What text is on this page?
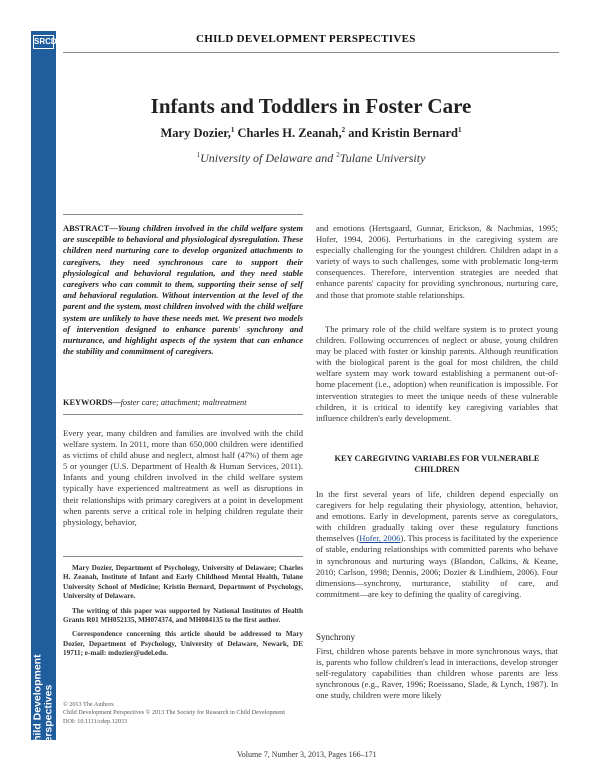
SRCD
Child Development Perspectives
CHILD DEVELOPMENT PERSPECTIVES
Infants and Toddlers in Foster Care
Mary Dozier,$^1$ Charles H. Zeanah,$^2$ and Kristin Bernard$^1$
$^1$University of Delaware and $^2$Tulane University
ABSTRACT—Young children involved in the child welfare system are susceptible to behavioral and physiological dysregulation. These children need nurturing care to develop organized attachments to caregivers, they need synchronous care to support their physiological and behavioral regulation, and they need stable caregivers who can commit to them, supporting their sense of self and behavioral regulation. Without intervention at the level of the parent and the system, most children involved with the child welfare system are unlikely to have these needs met. We present two models of intervention designed to enhance parents' synchrony and nurturance, and highlight aspects of the system that can enhance the stability and commitment of caregivers.
KEYWORDS—foster care; attachment; maltreatment
Every year, many children and families are involved with the child welfare system. In 2011, more than 650,000 children were identified as victims of child abuse and neglect, almost half (47%) of them age 5 or younger (U.S. Department of Health & Human Services, 2011). Infants and young children involved in the child welfare system typically have experienced maltreatment as well as disruptions in their relationships with primary caregivers at a point in development when parents serve a critical role in helping children regulate their physiology, behavior,

Mary Dozier, Department of Psychology, University of Delaware; Charles H. Zeanah, Institute of Infant and Early Childhood Mental Health, Tulane University School of Medicine; Kristin Bernard, Department of Psychology, University of Delaware.

The writing of this paper was supported by National Institutes of Health Grants R01 MH052135, MH074374, and MH084135 to the first author.

Correspondence concerning this article should be addressed to Mary Dozier, Department of Psychology, University of Delaware, Newark, DE 19711; e-mail: mdozier@udel.edu.

© 2013 The Authors
Child Development Perspectives © 2013 The Society for Research in Child Development
DOI: 10.1111/cdep.12033
and emotions (Hertsgaard, Gunnar, Erickson, & Nachmias, 1995; Hofer, 1994, 2006). Perturbations in the caregiving system are especially challenging for the youngest children. Children adapt in a variety of ways to such challenges, some with problematic long-term consequences. Therefore, intervention strategies are needed that enhance parents' capacity for providing synchronous, nurturing care, and those that promote stable relationships.
The primary role of the child welfare system is to protect young children. Following occurrences of neglect or abuse, young children may be placed with foster or kinship parents. Although reunification with the biological parent is the goal for most children, the child welfare system may work toward establishing a permanent out-of-home placement (i.e., adoption) when reunification is impossible. For intervention strategies to meet the unique needs of these vulnerable children, it is critical to identify key caregiving variables that influence children's early development.
KEY CAREGIVING VARIABLES FOR VULNERABLE CHILDREN
In the first several years of life, children depend especially on caregivers for help regulating their physiology, attention, behavior, and emotions. Early in development, parents serve as coregulators, with children gradually taking over these regulatory functions themselves (Hofer, 2006). This process is facilitated by the experience of stable, enduring relationships with committed parents who behave in synchronous and nurturing ways (Blandon, Calkins, & Keane, 2010; Carlson, 1998; Dennis, 2006; Dozier & Lindhiem, 2006). Four dimensions—synchrony, nurturance, stability of care, and commitment—are key to defining the quality of caregiving.
Synchrony
First, children whose parents behave in more synchronous ways, that is, parents who follow children's lead in interactions, develop stronger self-regulatory capabilities than children whose parents are less synchronous (e.g., Raver, 1996; Roeissano, Slade, & Lynch, 1987). In one study, children were more likely
Volume 7, Number 3, 2013, Pages 166–171
